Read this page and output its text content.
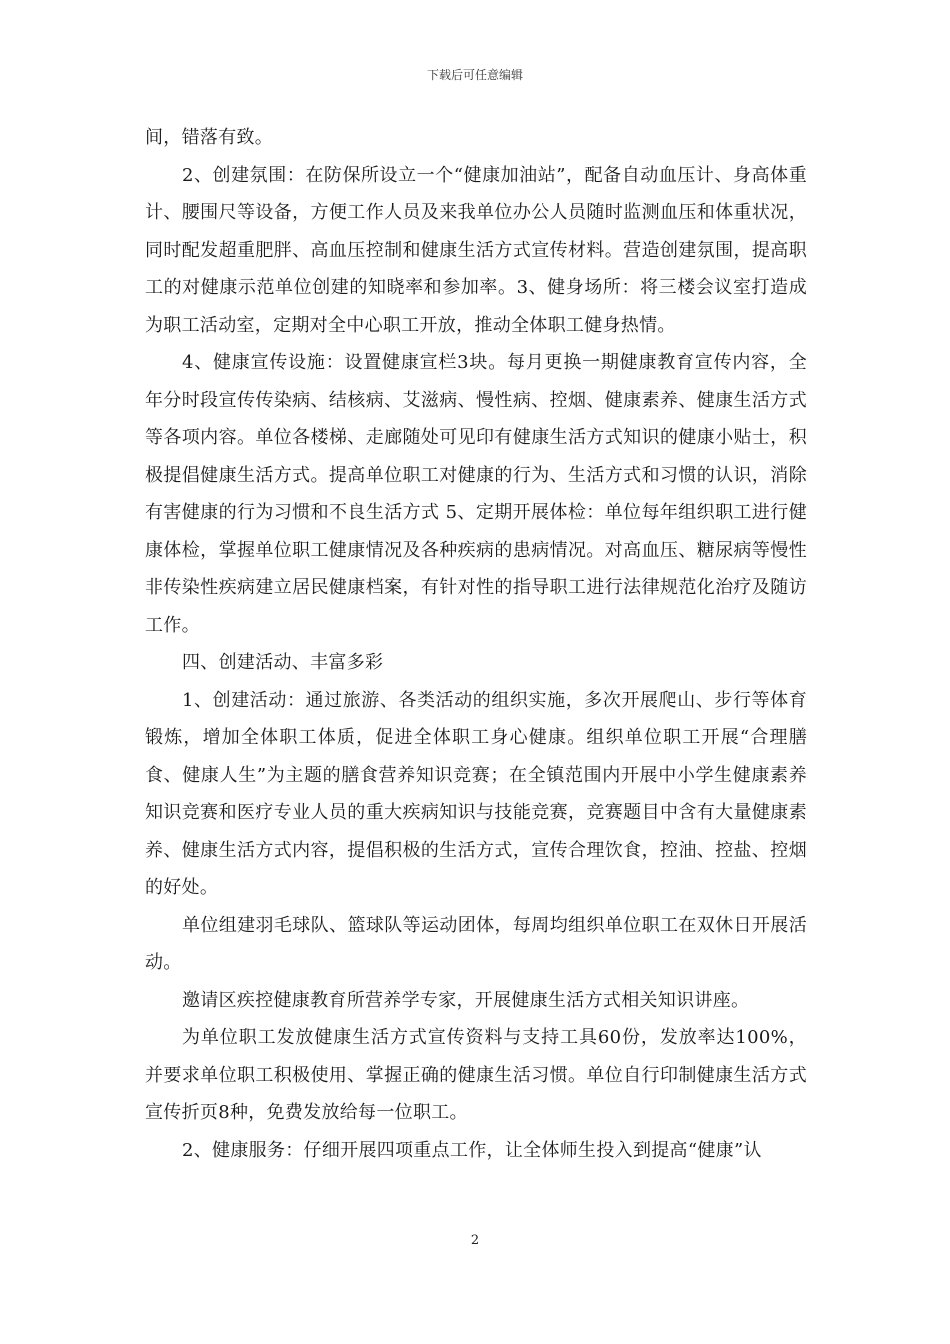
下载后可任意编辑

间，错落有致。

2、创建氛围：在防保所设立一个“健康加油站”，配备自动血压计、身高体重计、腰围尺等设备，方便工作人员及来我单位办公人员随时监测血压和体重状况，同时配发超重肥胖、高血压控制和健康生活方式宣传材料。营造创建氛围，提高职工的对健康示范单位创建的知晓率和参加率。3、健身场所：将三楼会议室打造成为职工活动室，定期对全中心职工开放，推动全体职工健身热情。

4、健康宣传设施：设置健康宣栏3块。每月更换一期健康教育宣传内容，全年分时段宣传传染病、结核病、艾滋病、慢性病、控烟、健康素养、健康生活方式等各项内容。单位各楼梯、走廊随处可见印有健康生活方式知识的健康小贴士，积极提倡健康生活方式。提高单位职工对健康的行为、生活方式和习惯的认识，消除有害健康的行为习惯和不良生活方式 5、定期开展体检：单位每年组织职工进行健康体检，掌握单位职工健康情况及各种疾病的患病情况。对高血压、糖尿病等慢性非传染性疾病建立居民健康档案，有针对性的指导职工进行法律规范化治疗及随访工作。

四、创建活动、丰富多彩

1、创建活动：通过旅游、各类活动的组织实施，多次开展爬山、步行等体育锻炼，增加全体职工体质，促进全体职工身心健康。组织单位职工开展“合理膳食、健康人生”为主题的膳食营养知识竞赛；在全镇范围内开展中小学生健康素养知识竞赛和医疗专业人员的重大疾病知识与技能竞赛，竞赛题目中含有大量健康素养、健康生活方式内容，提倡积极的生活方式，宣传合理饮食，控油、控盐、控烟的好处。

单位组建羽毛球队、篮球队等运动团体，每周均组织单位职工在双休日开展活动。

邀请区疾控健康教育所营养学专家，开展健康生活方式相关知识讲座。

为单位职工发放健康生活方式宣传资料与支持工具60份，发放率达100%，并要求单位职工积极使用、掌握正确的健康生活习惯。单位自行印制健康生活方式宣传折页8种，免费发放给每一位职工。

2、健康服务：仔细开展四项重点工作，让全体师生投入到提高“健康”认

2
